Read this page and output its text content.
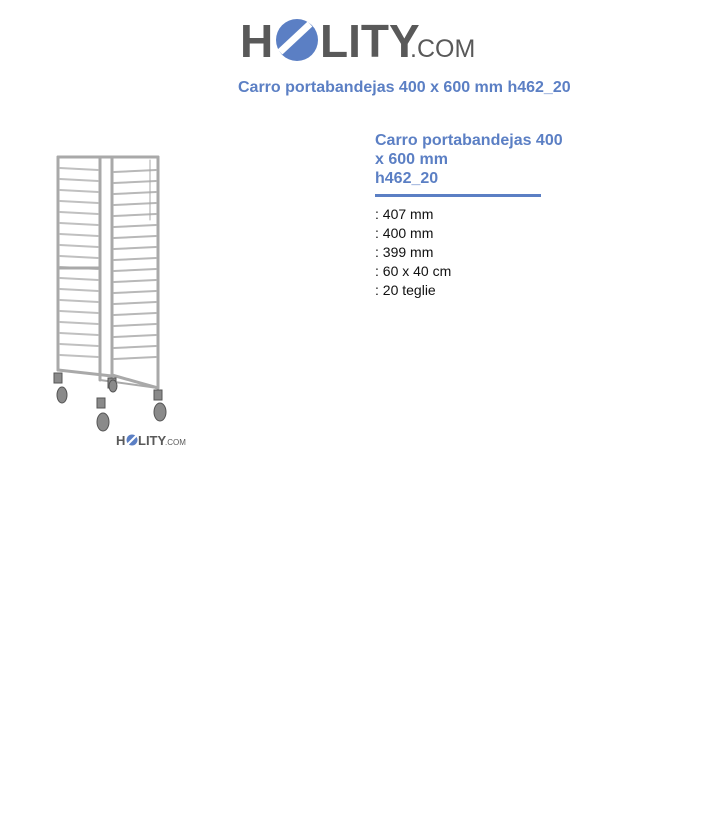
H LITY
.COM
Carro portabandejas 400 x 600 mm h462_20
H LITY
.COM
Carro portabandejas 400
x 600 mm
h462_20
: 407 mm
: 400 mm
: 399 mm
: 60 x 40 cm
: 20 teglie
